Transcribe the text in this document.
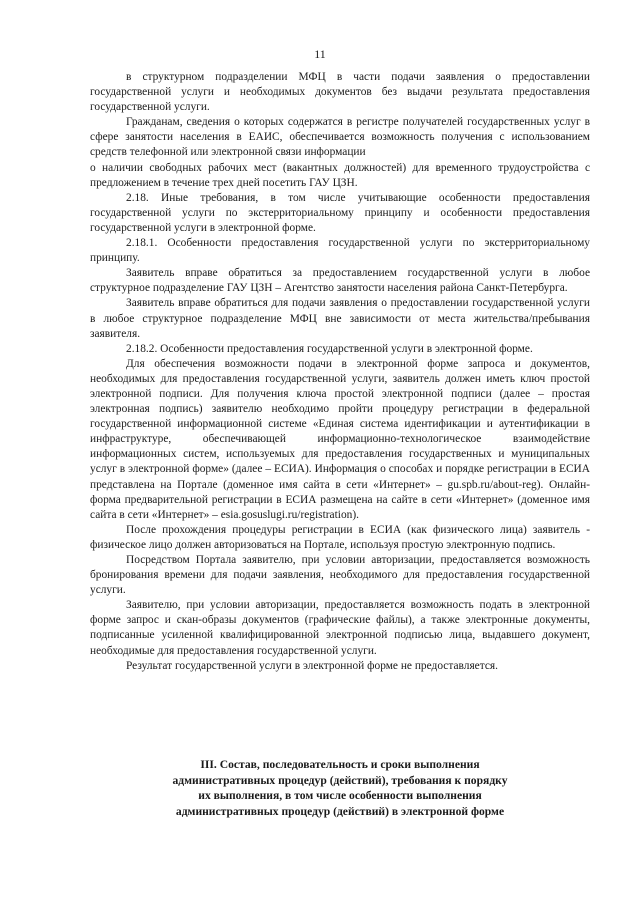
11

в структурном подразделении МФЦ в части подачи заявления о предоставлении государственной услуги и необходимых документов без выдачи результата предоставления государственной услуги.

Гражданам, сведения о которых содержатся в регистре получателей государственных услуг в сфере занятости населения в ЕАИС, обеспечивается возможность получения с использованием средств телефонной или электронной связи информации

о наличии свободных рабочих мест (вакантных должностей) для временного трудоустройства с предложением в течение трех дней посетить ГАУ ЦЗН.

2.18. Иные требования, в том числе учитывающие особенности предоставления государственной услуги по экстерриториальному принципу и особенности предоставления государственной услуги в электронной форме.

2.18.1. Особенности предоставления государственной услуги по экстерриториальному принципу.

Заявитель вправе обратиться за предоставлением государственной услуги в любое структурное подразделение ГАУ ЦЗН – Агентство занятости населения района Санкт-Петербурга.

Заявитель вправе обратиться для подачи заявления о предоставлении государственной услуги в любое структурное подразделение МФЦ вне зависимости от места жительства/пребывания заявителя.

2.18.2. Особенности предоставления государственной услуги в электронной форме.

Для обеспечения возможности подачи в электронной форме запроса и документов, необходимых для предоставления государственной услуги, заявитель должен иметь ключ простой электронной подписи. Для получения ключа простой электронной подписи (далее – простая электронная подпись) заявителю необходимо пройти процедуру регистрации в федеральной государственной информационной системе «Единая система идентификации и аутентификации в инфраструктуре, обеспечивающей информационно-технологическое взаимодействие информационных систем, используемых для предоставления государственных и муниципальных услуг в электронной форме» (далее – ЕСИА). Информация о способах и порядке регистрации в ЕСИА представлена на Портале (доменное имя сайта в сети «Интернет» – gu.spb.ru/about-reg). Онлайн-форма предварительной регистрации в ЕСИА размещена на сайте в сети «Интернет» (доменное имя сайта в сети «Интернет» – esia.gosuslugi.ru/registration).

После прохождения процедуры регистрации в ЕСИА (как физического лица) заявитель - физическое лицо должен авторизоваться на Портале, используя простую электронную подпись.

Посредством Портала заявителю, при условии авторизации, предоставляется возможность бронирования времени для подачи заявления, необходимого для предоставления государственной услуги.

Заявителю, при условии авторизации, предоставляется возможность подать в электронной форме запрос и скан-образы документов (графические файлы), а также электронные документы, подписанные усиленной квалифицированной электронной подписью лица, выдавшего документ, необходимые для предоставления государственной услуги.

Результат государственной услуги в электронной форме не предоставляется.

III. Состав, последовательность и сроки выполнения
административных процедур (действий), требования к порядку
их выполнения, в том числе особенности выполнения
административных процедур (действий) в электронной форме
